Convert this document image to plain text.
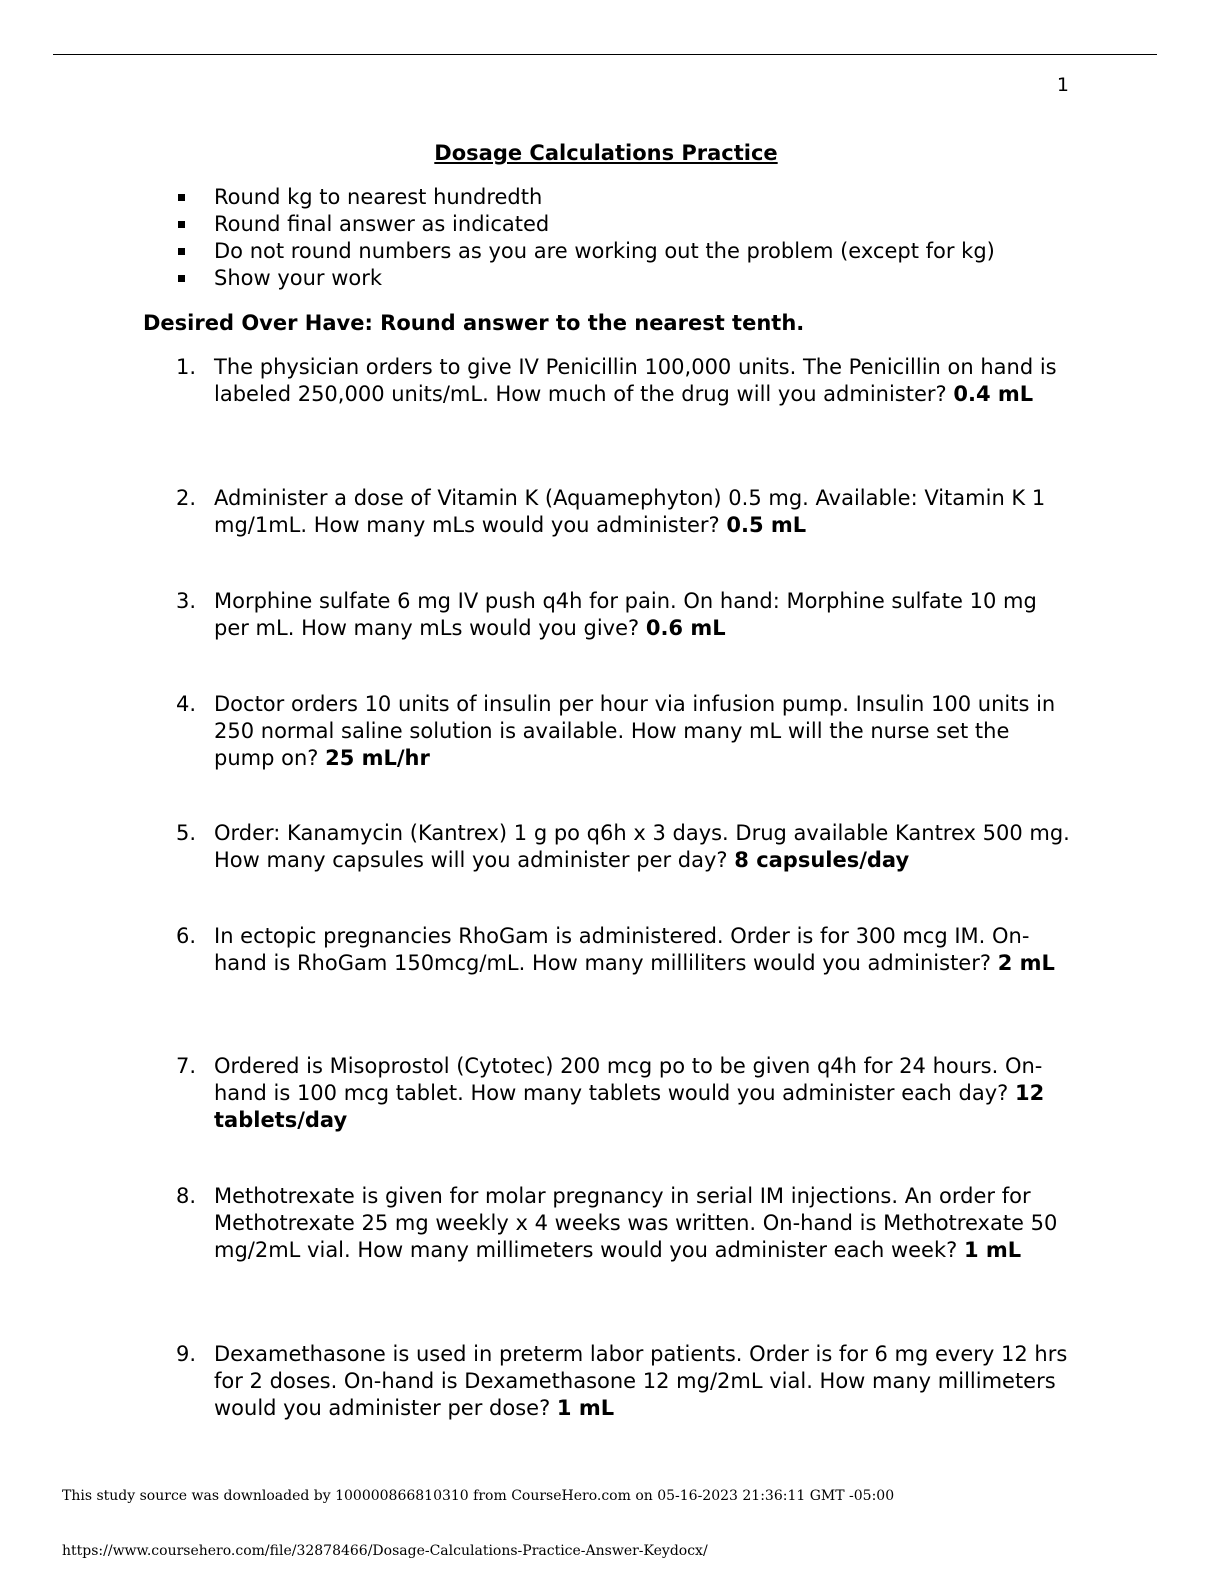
1
Dosage Calculations Practice
Round kg to nearest hundredth
Round final answer as indicated
Do not round numbers as you are working out the problem (except for kg)
Show your work
Desired Over Have: Round answer to the nearest tenth.
1. The physician orders to give IV Penicillin 100,000 units. The Penicillin on hand is labeled 250,000 units/mL. How much of the drug will you administer? 0.4 mL
2. Administer a dose of Vitamin K (Aquamephyton) 0.5 mg. Available: Vitamin K 1 mg/1mL. How many mLs would you administer? 0.5 mL
3. Morphine sulfate 6 mg IV push q4h for pain. On hand: Morphine sulfate 10 mg per mL. How many mLs would you give? 0.6 mL
4. Doctor orders 10 units of insulin per hour via infusion pump. Insulin 100 units in 250 normal saline solution is available. How many mL will the nurse set the pump on? 25 mL/hr
5. Order: Kanamycin (Kantrex) 1 g po q6h x 3 days. Drug available Kantrex 500 mg. How many capsules will you administer per day? 8 capsules/day
6. In ectopic pregnancies RhoGam is administered. Order is for 300 mcg IM. On-hand is RhoGam 150mcg/mL. How many milliliters would you administer? 2 mL
7. Ordered is Misoprostol (Cytotec) 200 mcg po to be given q4h for 24 hours. On-hand is 100 mcg tablet. How many tablets would you administer each day? 12 tablets/day
8. Methotrexate is given for molar pregnancy in serial IM injections. An order for Methotrexate 25 mg weekly x 4 weeks was written. On-hand is Methotrexate 50 mg/2mL vial. How many millimeters would you administer each week? 1 mL
9. Dexamethasone is used in preterm labor patients. Order is for 6 mg every 12 hrs for 2 doses. On-hand is Dexamethasone 12 mg/2mL vial. How many millimeters would you administer per dose? 1 mL
This study source was downloaded by 100000866810310 from CourseHero.com on 05-16-2023 21:36:11 GMT -05:00
https://www.coursehero.com/file/32878466/Dosage-Calculations-Practice-Answer-Keydocx/
